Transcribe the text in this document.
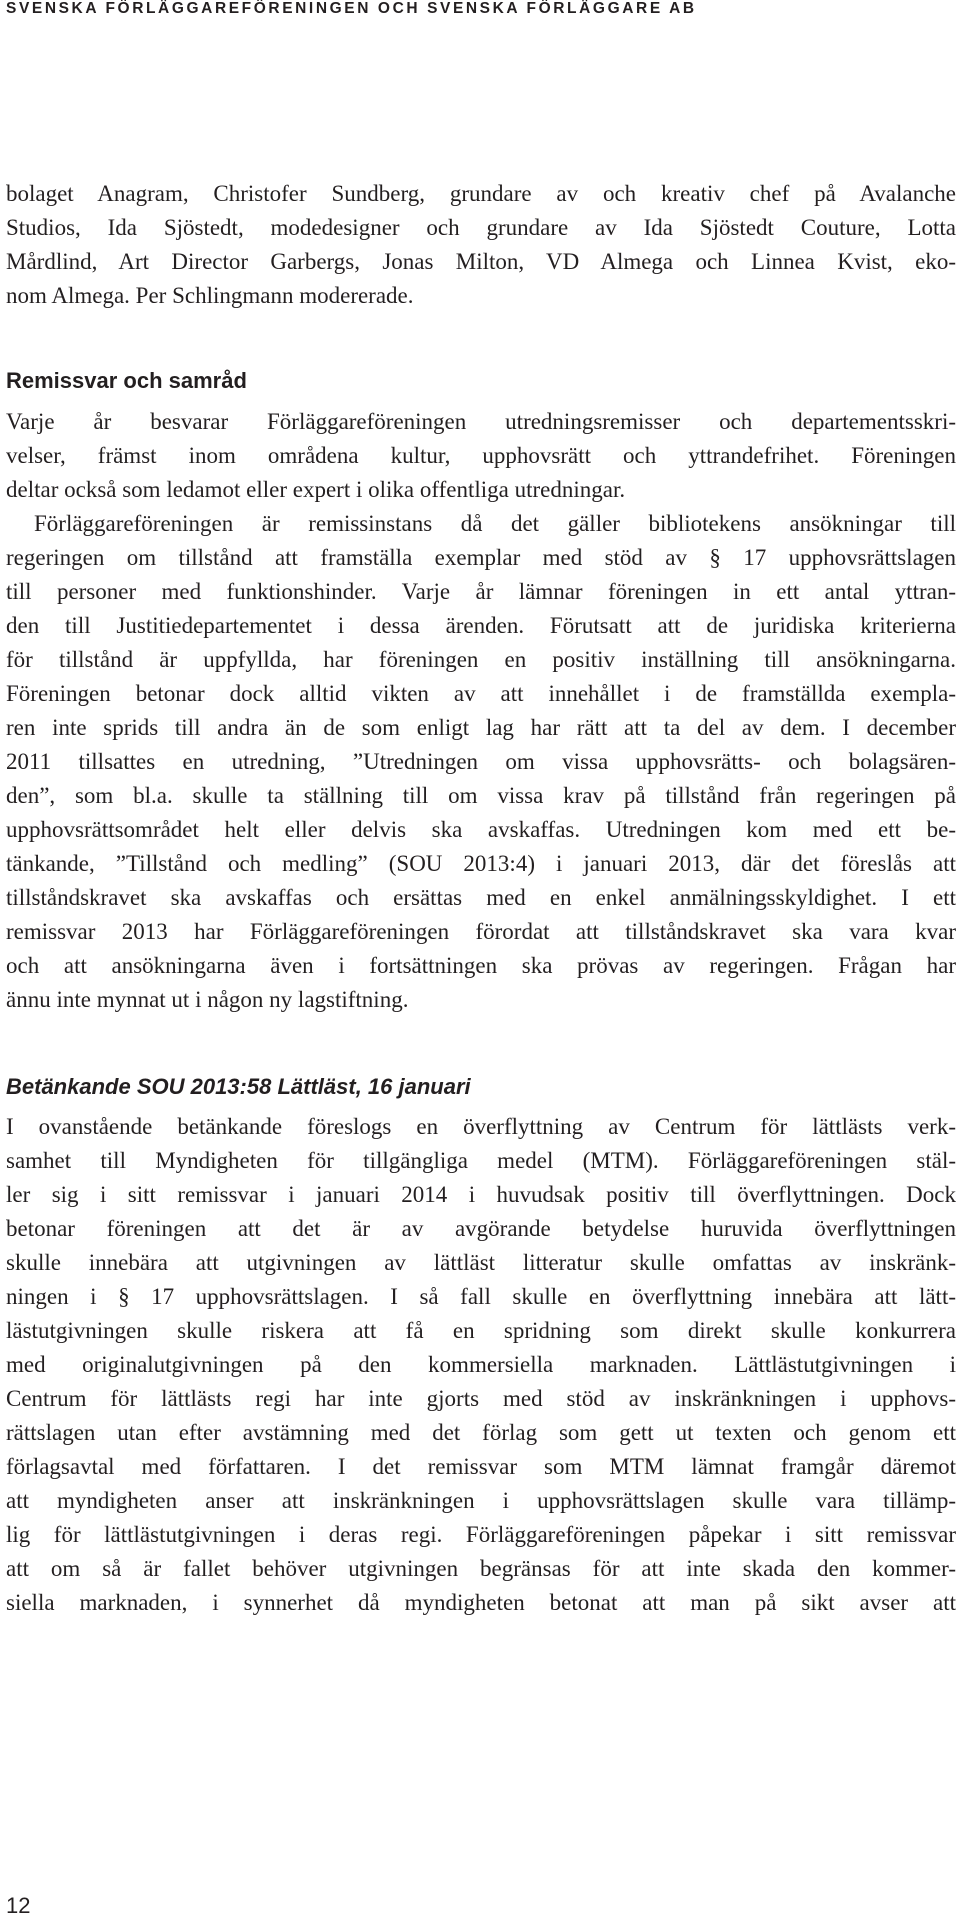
SVENSKA FÖRLÄGGAREFÖRENINGEN OCH SVENSKA FÖRLÄGGARE AB
bolaget Anagram, Christofer Sundberg, grundare av och kreativ chef på Avalanche
Studios, Ida Sjöstedt, modedesigner och grundare av Ida Sjöstedt Couture, Lotta
Mårdlind, Art Director Garbergs, Jonas Milton, VD Almega och Linnea Kvist, eko-
nom Almega. Per Schlingmann modererade.
Remissvar och samråd
Varje år besvarar Förläggareföreningen utredningsremisser och departementsskri-
velser, främst inom områdena kultur, upphovsrätt och yttrandefrihet. Föreningen
deltar också som ledamot eller expert i olika offentliga utredningar.
Förläggareföreningen är remissinstans då det gäller bibliotekens ansökningar till
regeringen om tillstånd att framställa exemplar med stöd av § 17 upphovsrättslagen
till personer med funktionshinder. Varje år lämnar föreningen in ett antal yttran-
den till Justitiedepartementet i dessa ärenden. Förutsatt att de juridiska kriterierna
för tillstånd är uppfyllda, har föreningen en positiv inställning till ansökningarna.
Föreningen betonar dock alltid vikten av att innehållet i de framställda exempla-
ren inte sprids till andra än de som enligt lag har rätt att ta del av dem. I december
2011 tillsattes en utredning, ”Utredningen om vissa upphovsrätts- och bolagsären-
den”, som bl.a. skulle ta ställning till om vissa krav på tillstånd från regeringen på
upphovsrättsområdet helt eller delvis ska avskaffas. Utredningen kom med ett be-
tänkande, ”Tillstånd och medling” (SOU 2013:4) i januari 2013, där det föreslås att
tillståndskravet ska avskaffas och ersättas med en enkel anmälningsskyldighet. I ett
remissvar 2013 har Förläggareföreningen förordat att tillståndskravet ska vara kvar
och att ansökningarna även i fortsättningen ska prövas av regeringen. Frågan har
ännu inte mynnat ut i någon ny lagstiftning.
Betänkande SOU 2013:58 Lättläst, 16 januari
I ovanstående betänkande föreslogs en överflyttning av Centrum för lättlästs verk-
samhet till Myndigheten för tillgängliga medel (MTM). Förläggareföreningen stäl-
ler sig i sitt remissvar i januari 2014 i huvudsak positiv till överflyttningen. Dock
betonar föreningen att det är av avgörande betydelse huruvida överflyttningen
skulle innebära att utgivningen av lättläst litteratur skulle omfattas av inskränk-
ningen i § 17 upphovsrättslagen. I så fall skulle en överflyttning innebära att lätt-
lästutgivningen skulle riskera att få en spridning som direkt skulle konkurrera
med originalutgivningen på den kommersiella marknaden. Lättlästutgivningen i
Centrum för lättlästs regi har inte gjorts med stöd av inskränkningen i upphovs-
rättslagen utan efter avstämning med det förlag som gett ut texten och genom ett
förlagsavtal med författaren. I det remissvar som MTM lämnat framgår däremot
att myndigheten anser att inskränkningen i upphovsrättslagen skulle vara tillämp-
lig för lättlästutgivningen i deras regi. Förläggareföreningen påpekar i sitt remissvar
att om så är fallet behöver utgivningen begränsas för att inte skada den kommer-
siella marknaden, i synnerhet då myndigheten betonat att man på sikt avser att
12
